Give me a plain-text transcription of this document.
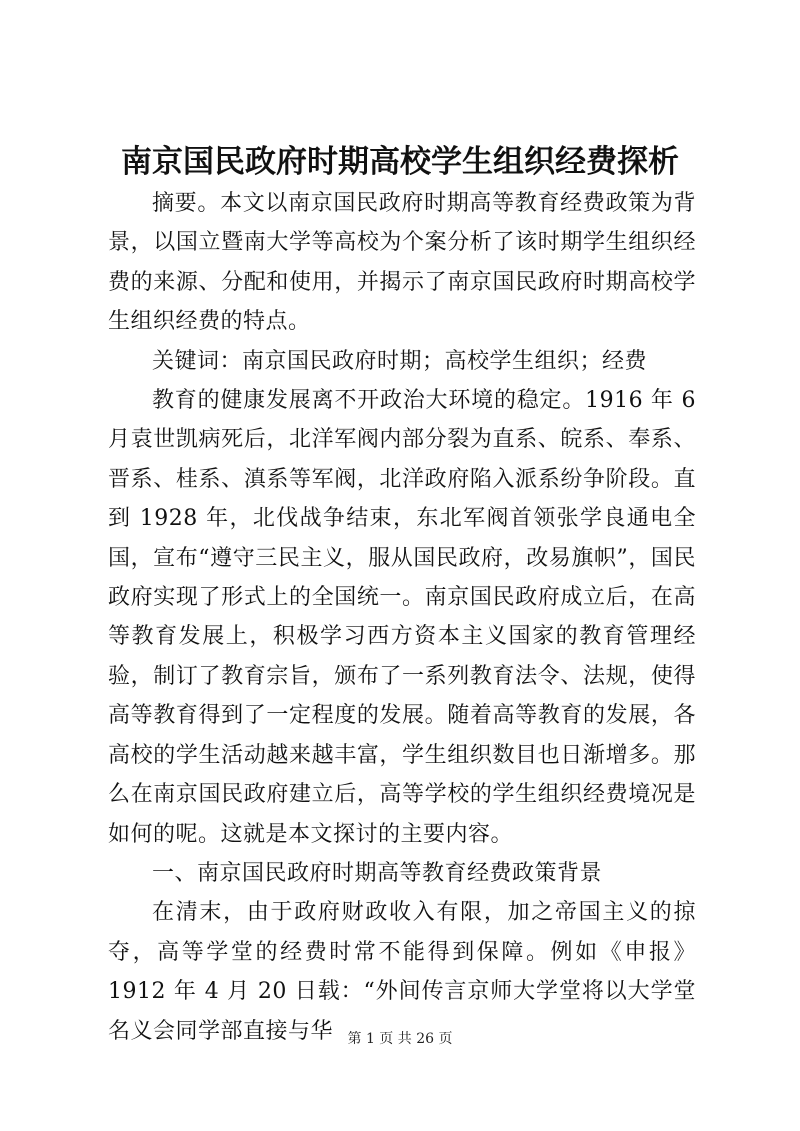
南京国民政府时期高校学生组织经费探析

摘要。本文以南京国民政府时期高等教育经费政策为背景，以国立暨南大学等高校为个案分析了该时期学生组织经费的来源、分配和使用，并揭示了南京国民政府时期高校学生组织经费的特点。

关键词：南京国民政府时期；高校学生组织；经费

教育的健康发展离不开政治大环境的稳定。1916 年 6 月袁世凯病死后，北洋军阀内部分裂为直系、皖系、奉系、晋系、桂系、滇系等军阀，北洋政府陷入派系纷争阶段。直到 1928 年，北伐战争结束，东北军阀首领张学良通电全国，宣布“遵守三民主义，服从国民政府，改易旗帜”，国民政府实现了形式上的全国统一。南京国民政府成立后，在高等教育发展上，积极学习西方资本主义国家的教育管理经验，制订了教育宗旨，颁布了一系列教育法令、法规，使得高等教育得到了一定程度的发展。随着高等教育的发展，各高校的学生活动越来越丰富，学生组织数目也日渐增多。那么在南京国民政府建立后，高等学校的学生组织经费境况是如何的呢。这就是本文探讨的主要内容。

一、南京国民政府时期高等教育经费政策背景

在清末，由于政府财政收入有限，加之帝国主义的掠夺，高等学堂的经费时常不能得到保障。例如《申报》1912 年 4 月 20 日载：“外间传言京师大学堂将以大学堂名义会同学部直接与华	第 1 页 共 26 页
